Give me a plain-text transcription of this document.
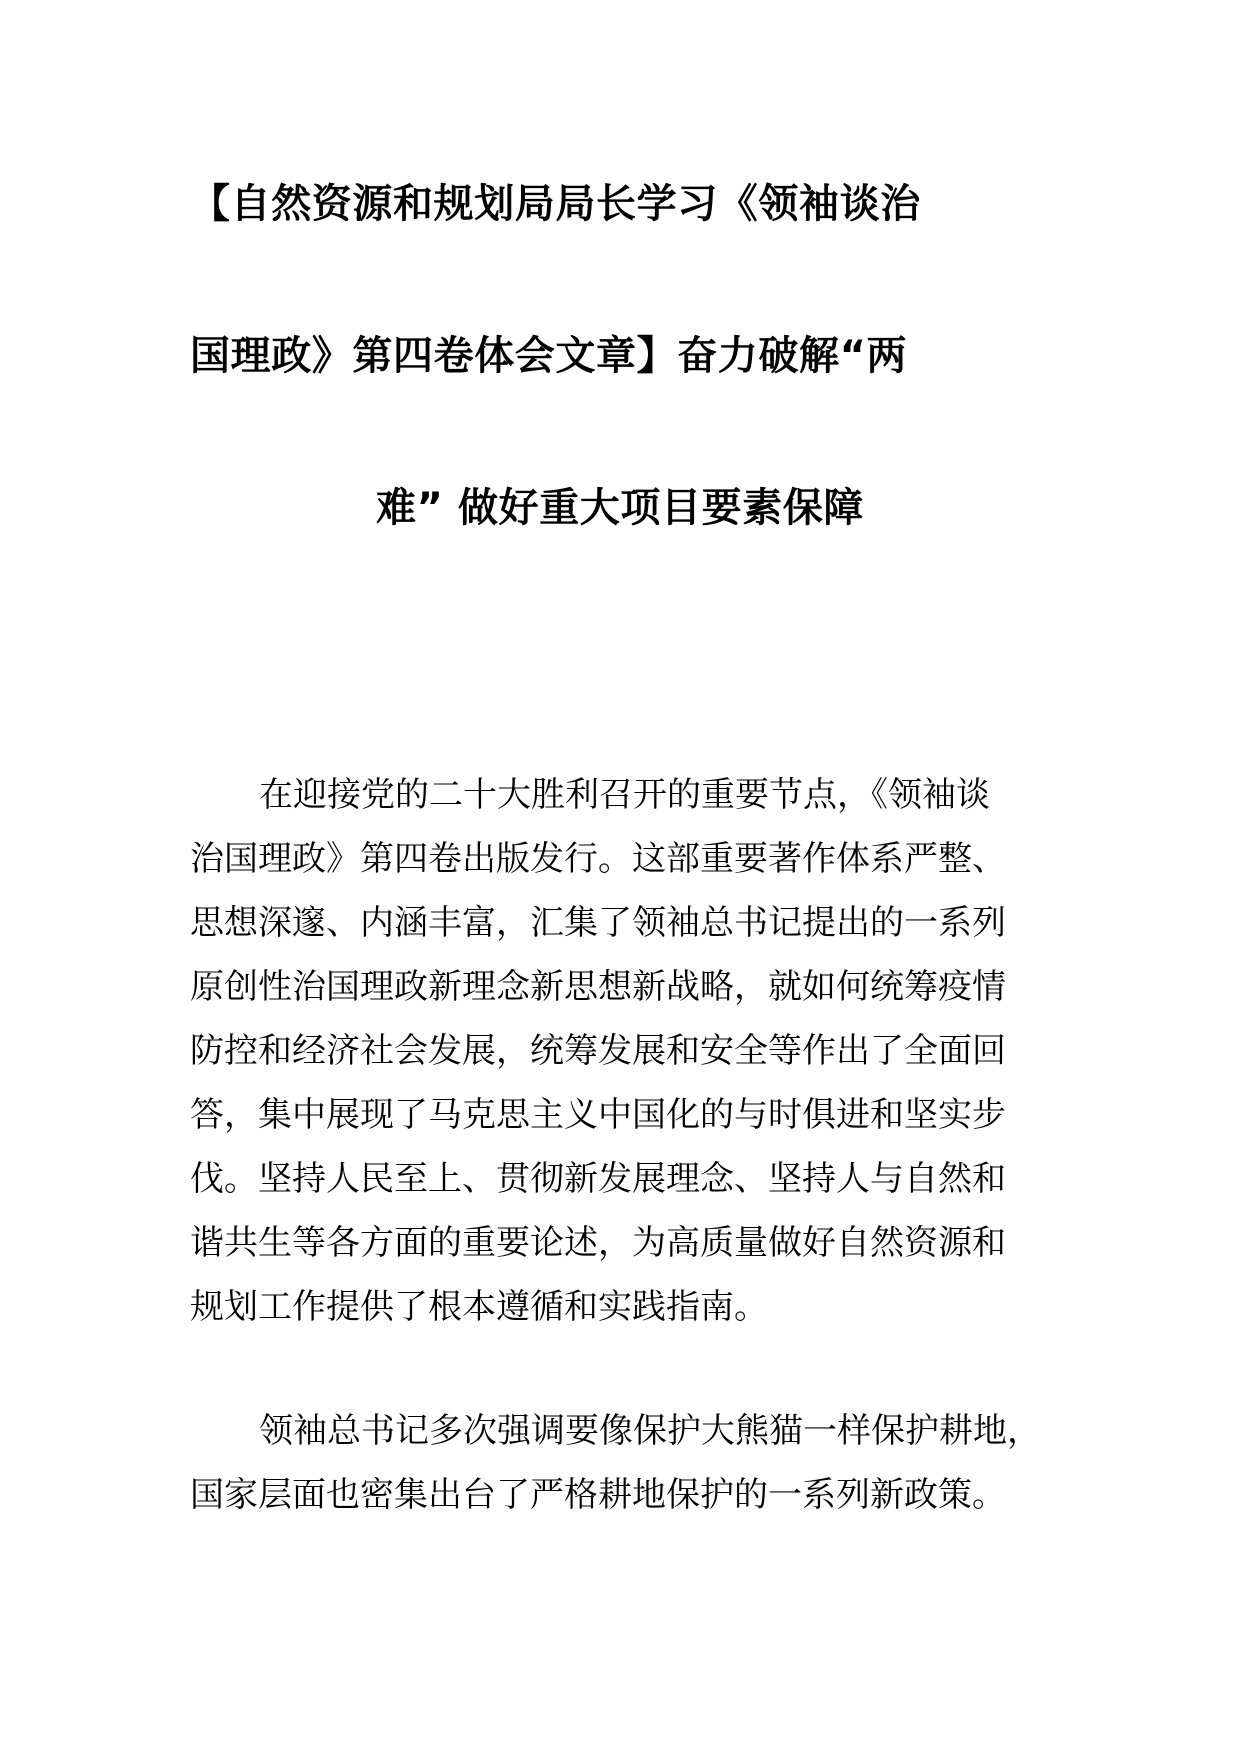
【自然资源和规划局局长学习《领袖谈治
国理政》第四卷体会文章】奋力破解“两
难” 做好重大项目要素保障
在迎接党的二十大胜利召开的重要节点，《领袖谈
治国理政》第四卷出版发行。这部重要著作体系严整、
思想深邃、内涵丰富，汇集了领袖总书记提出的一系列
原创性治国理政新理念新思想新战略，就如何统筹疫情
防控和经济社会发展，统筹发展和安全等作出了全面回
答，集中展现了马克思主义中国化的与时俱进和坚实步
伐。坚持人民至上、贯彻新发展理念、坚持人与自然和
谐共生等各方面的重要论述，为高质量做好自然资源和
规划工作提供了根本遵循和实践指南。
领袖总书记多次强调要像保护大熊猫一样保护耕地，
国家层面也密集出台了严格耕地保护的一系列新政策。
